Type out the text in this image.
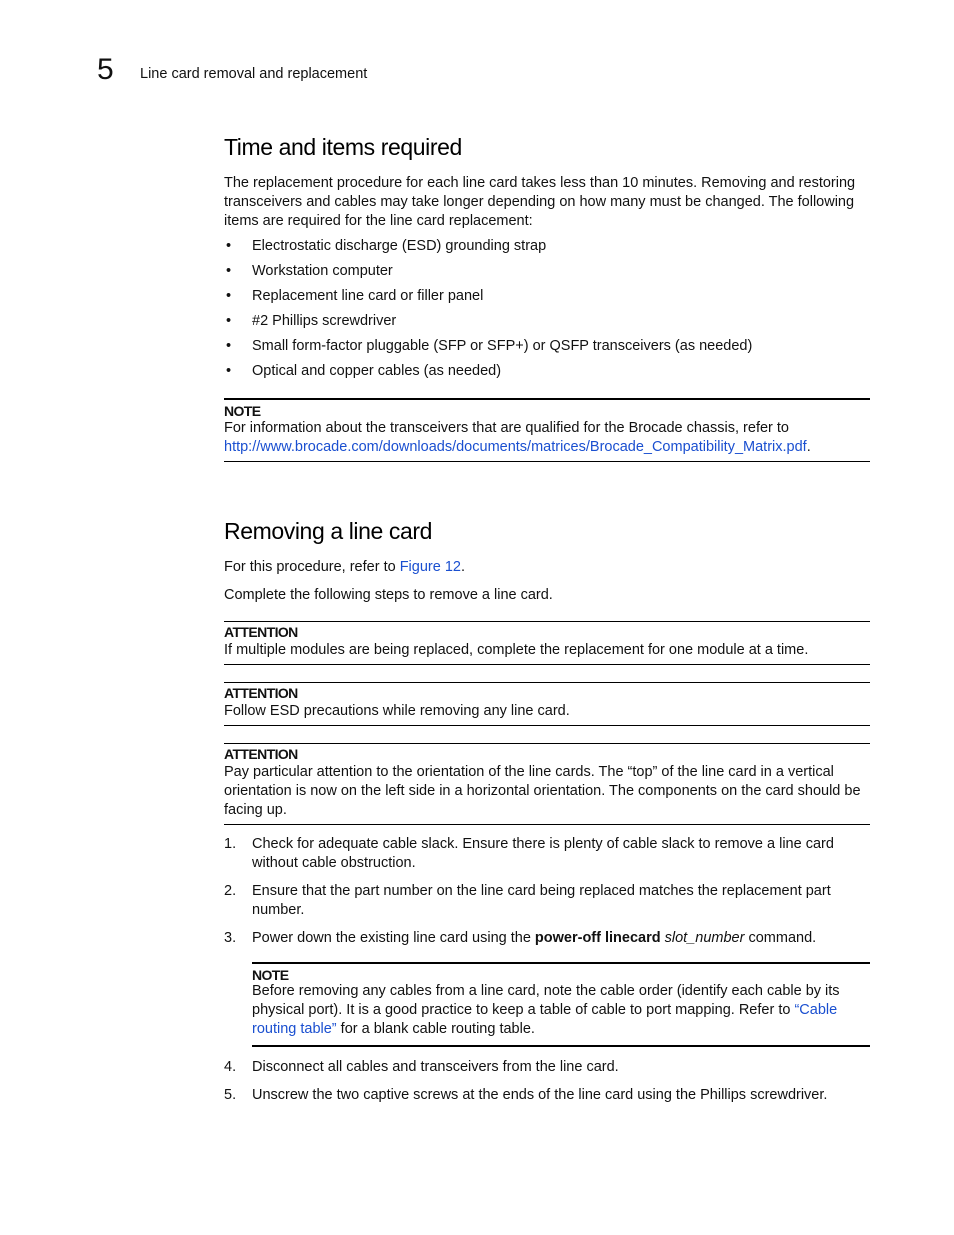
5 Line card removal and replacement
Time and items required

The replacement procedure for each line card takes less than 10 minutes. Removing and restoring transceivers and cables may take longer depending on how many must be changed. The following items are required for the line card replacement:

• Electrostatic discharge (ESD) grounding strap
• Workstation computer
• Replacement line card or filler panel
• #2 Phillips screwdriver
• Small form-factor pluggable (SFP or SFP+) or QSFP transceivers (as needed)
• Optical and copper cables (as needed)
NOTE

For information about the transceivers that are qualified for the Brocade chassis, refer to
http://www.brocade.com/downloads/documents/matrices/Brocade_Compatibility_Matrix.pdf.

Removing a line card

For this procedure, refer to Figure 12.

Complete the following steps to remove a line card.

ATTENTION

If multiple modules are being replaced, complete the replacement for one module at a time.

ATTENTION

Follow ESD precautions while removing any line card.

ATTENTION

Pay particular attention to the orientation of the line cards. The “top” of the line card in a vertical orientation is now on the left side in a horizontal orientation. The components on the card should be facing up.

1. Check for adequate cable slack. Ensure there is plenty of cable slack to remove a line card without cable obstruction.
2. Ensure that the part number on the line card being replaced matches the replacement part number.
3. Power down the existing line card using the power-off linecard slot_number command.
NOTE

Before removing any cables from a line card, note the cable order (identify each cable by its physical port). It is a good practice to keep a table of cable to port mapping. Refer to “Cable routing table” for a blank cable routing table.

4. Disconnect all cables and transceivers from the line card.
5. Unscrew the two captive screws at the ends of the line card using the Phillips screwdriver.
